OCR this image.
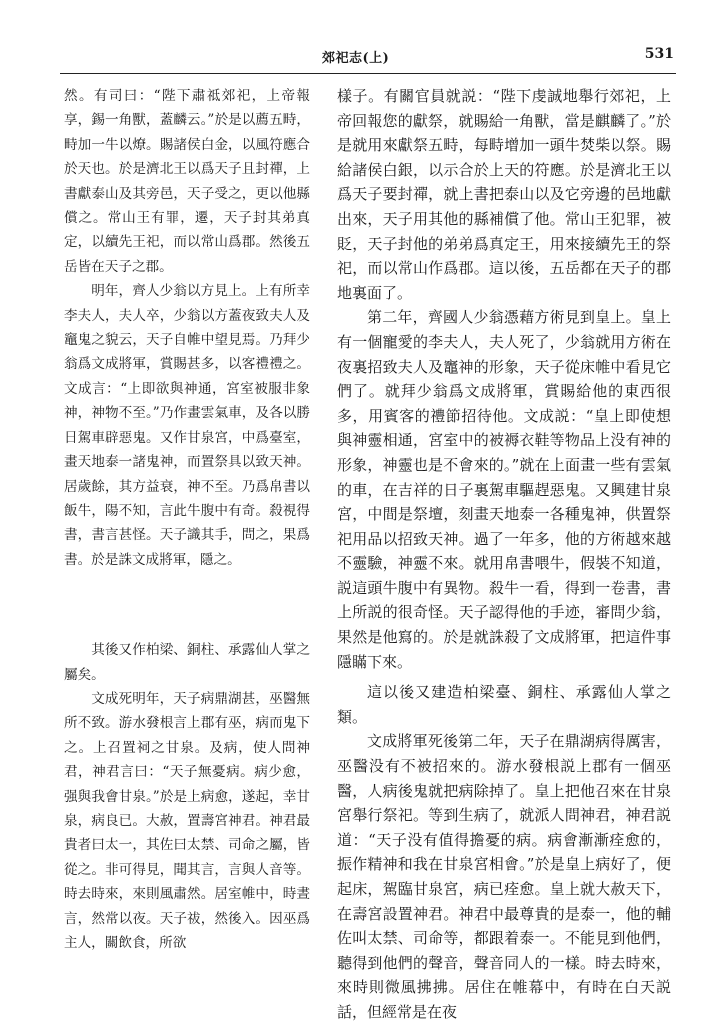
郊祀志(上)	531

然。有司曰：“陛下肅祗郊祀，上帝報享，錫一角獸，蓋麟云。”於是以薦五畤，畤加一牛以燎。賜諸侯白金，以風符應合於天也。於是濟北王以爲天子且封禪，上書獻泰山及其旁邑，天子受之，更以他縣償之。常山王有罪，遷，天子封其弟真定，以續先王祀，而以常山爲郡。然後五岳皆在天子之郡。

明年，齊人少翁以方見上。上有所幸李夫人，夫人卒，少翁以方蓋夜致夫人及竈鬼之貌云，天子自帷中望見焉。乃拜少翁爲文成將軍，賞賜甚多，以客禮禮之。文成言：“上即欲與神通，宮室被服非象神，神物不至。”乃作畫雲氣車，及各以勝日駕車辟惡鬼。又作甘泉宮，中爲臺室，畫天地泰一諸鬼神，而置祭具以致天神。居歲餘，其方益衰，神不至。乃爲帛書以飯牛，陽不知，言此牛腹中有奇。殺視得書，書言甚怪。天子識其手，問之，果爲書。於是誅文成將軍，隱之。

其後又作柏梁、銅柱、承露仙人掌之屬矣。

文成死明年，天子病鼎湖甚，巫醫無所不致。游水發根言上郡有巫，病而鬼下之。上召置祠之甘泉。及病，使人問神君，神君言曰：“天子無憂病。病少愈，强與我會甘泉。”於是上病愈，遂起，幸甘泉，病良已。大赦，置壽宮神君。神君最貴者曰太一，其佐曰太禁、司命之屬，皆從之。非可得見，聞其言，言與人音等。時去時來，來則風肅然。居室帷中，時晝言，然常以夜。天子祓，然後入。因巫爲主人，關飲食，所欲

樣子。有關官員就説：“陛下虔誠地舉行郊祀，上帝回報您的獻祭，就賜給一角獸，當是麒麟了。”於是就用來獻祭五畤，每畤增加一頭牛焚柴以祭。賜給諸侯白銀，以示合於上天的符應。於是濟北王以爲天子要封禪，就上書把泰山以及它旁邊的邑地獻出來，天子用其他的縣補償了他。常山王犯罪，被貶，天子封他的弟弟爲真定王，用來接續先王的祭祀，而以常山作爲郡。這以後，五岳都在天子的郡地裏面了。

第二年，齊國人少翁憑藉方術見到皇上。皇上有一個寵愛的李夫人，夫人死了，少翁就用方術在夜裏招致夫人及竈神的形象，天子從床帷中看見它們了。就拜少翁爲文成將軍，賞賜給他的東西很多，用賓客的禮節招待他。文成説：“皇上即使想與神靈相通，宮室中的被褥衣鞋等物品上没有神的形象，神靈也是不會來的。”就在上面畫一些有雲氣的車，在吉祥的日子裏駕車驅趕惡鬼。又興建甘泉宮，中間是祭壇，刻畫天地泰一各種鬼神，供置祭祀用品以招致天神。過了一年多，他的方術越來越不靈驗，神靈不來。就用帛書喂牛，假裝不知道，説這頭牛腹中有異物。殺牛一看，得到一卷書，書上所説的很奇怪。天子認得他的手迹，審問少翁，果然是他寫的。於是就誅殺了文成將軍，把這件事隱瞞下來。

這以後又建造柏梁臺、銅柱、承露仙人掌之類。

文成將軍死後第二年，天子在鼎湖病得厲害，巫醫没有不被招來的。游水發根説上郡有一個巫醫，人病後鬼就把病除掉了。皇上把他召來在甘泉宮舉行祭祀。等到生病了，就派人問神君，神君説道：“天子没有值得擔憂的病。病會漸漸痊愈的，振作精神和我在甘泉宮相會。”於是皇上病好了，便起床，駕臨甘泉宮，病已痊愈。皇上就大赦天下，在壽宮設置神君。神君中最尊貴的是泰一，他的輔佐叫太禁、司命等，都跟着泰一。不能見到他們，聽得到他們的聲音，聲音同人的一樣。時去時來，來時則微風拂拂。居住在帷幕中，有時在白天説話，但經常是在夜
